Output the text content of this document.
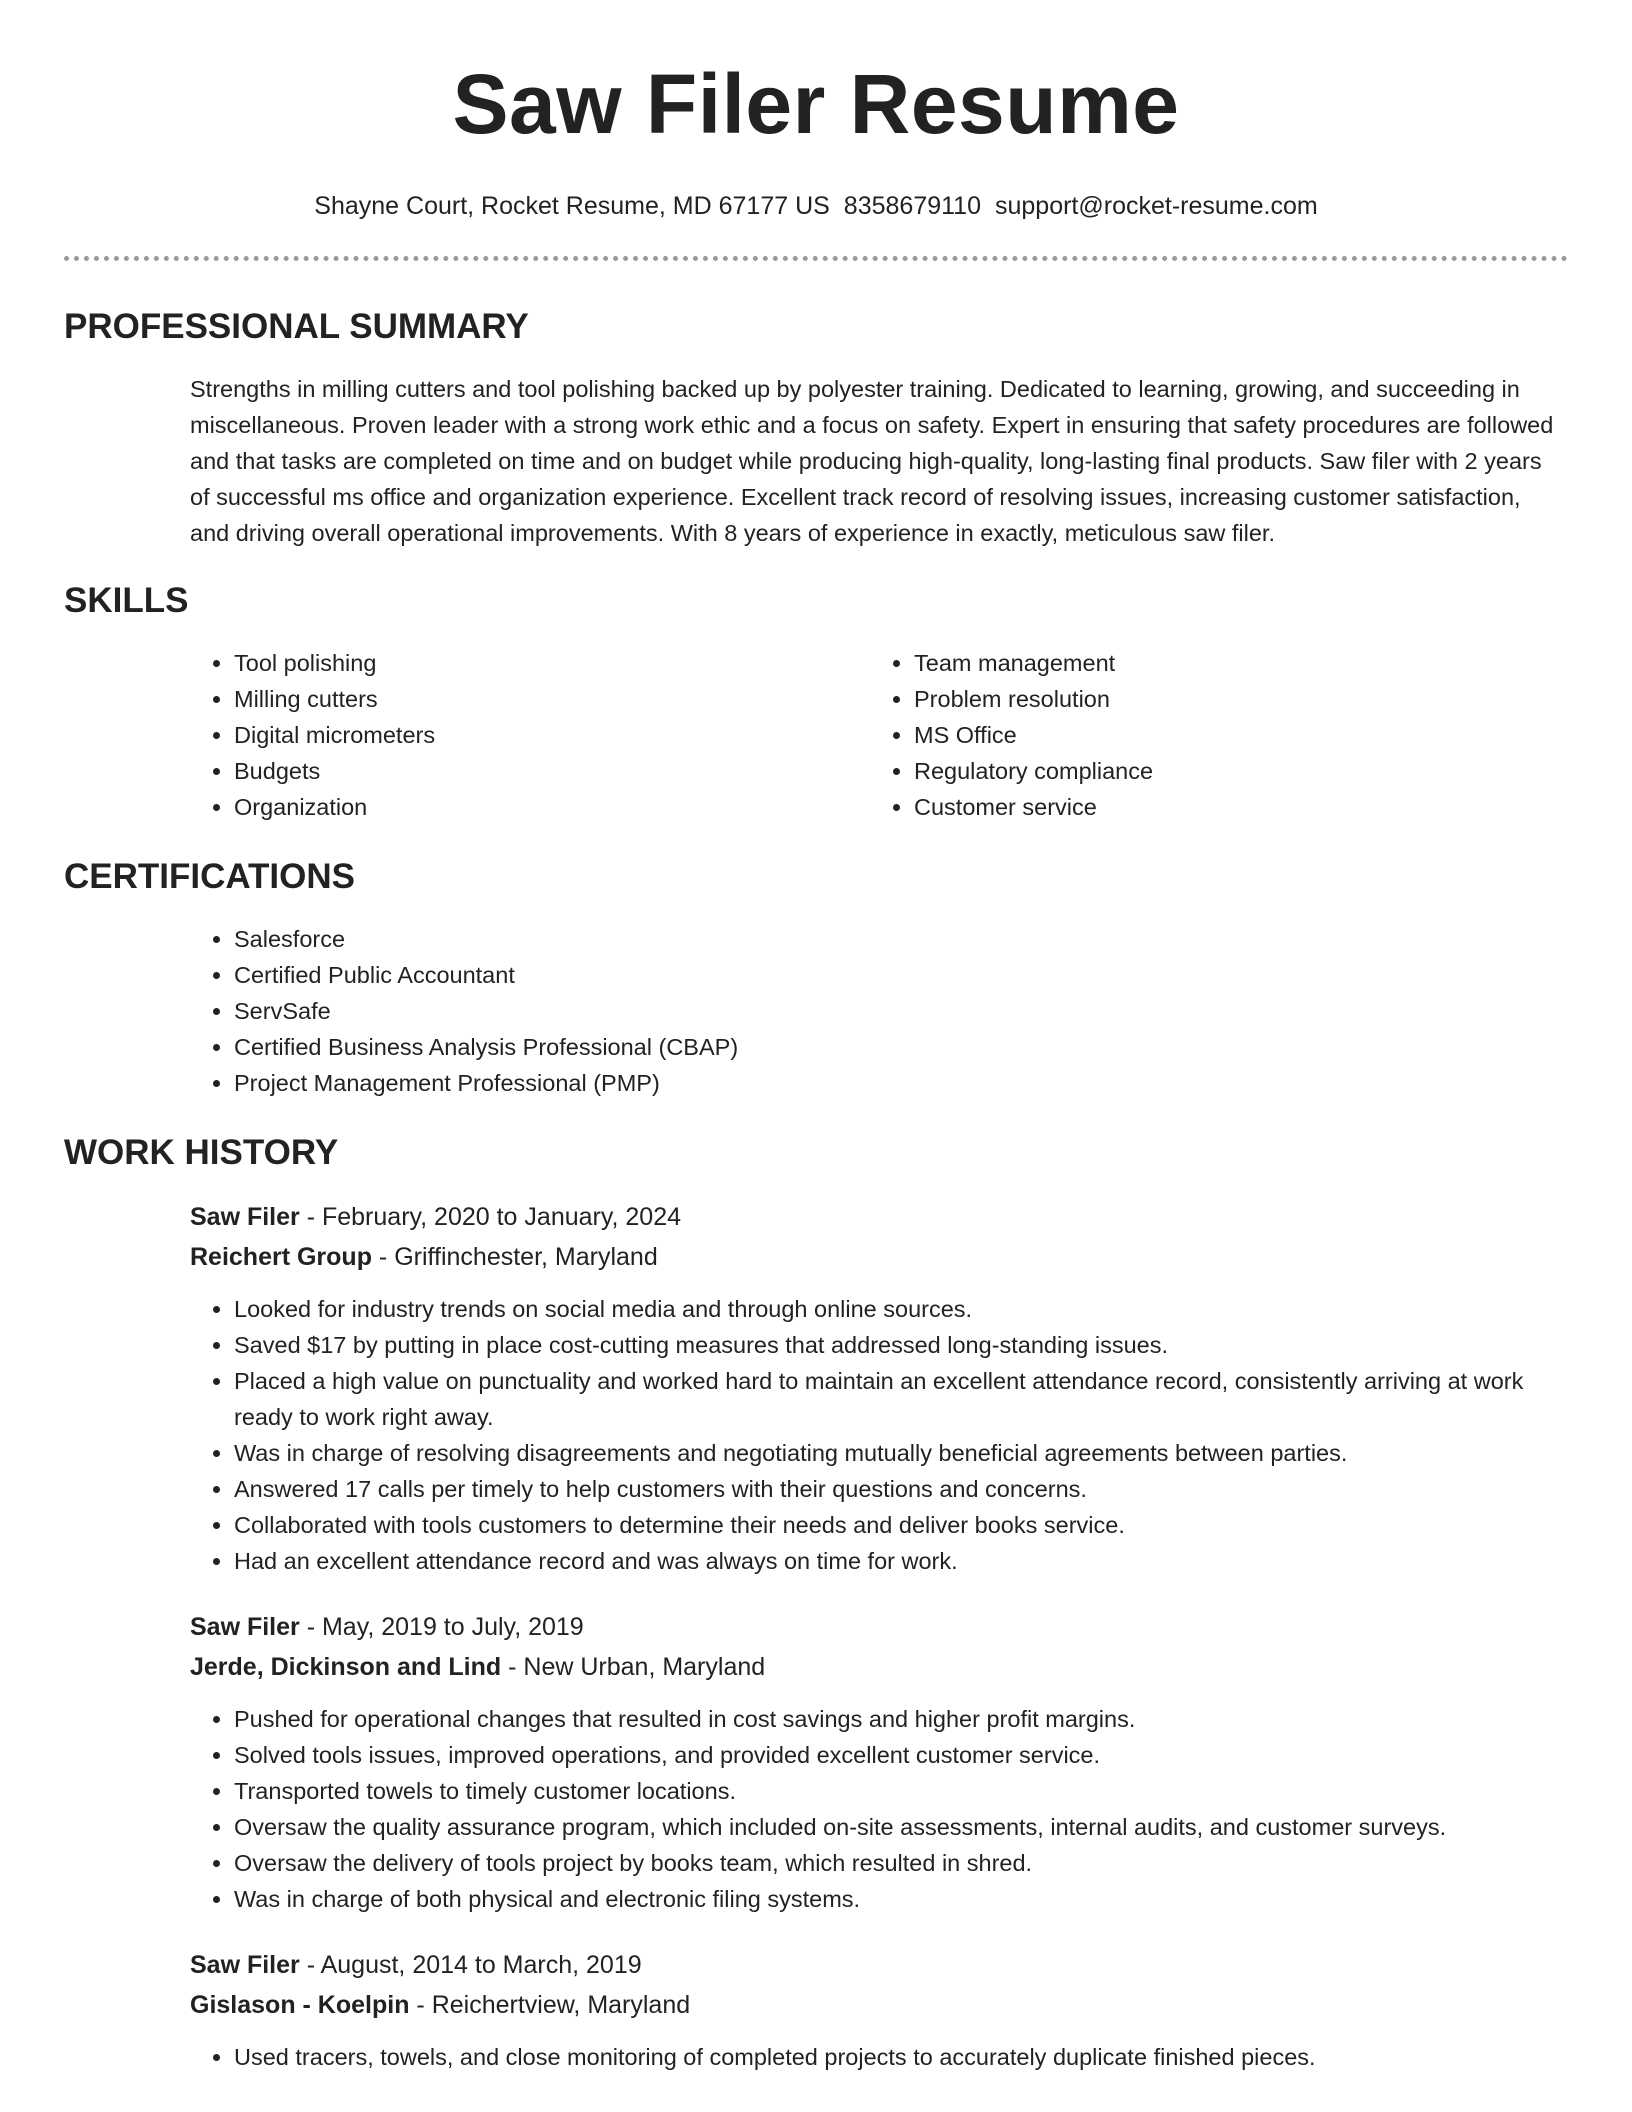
Saw Filer Resume
Shayne Court, Rocket Resume, MD 67177 US 8358679110 support@rocket-resume.com
PROFESSIONAL SUMMARY

Strengths in milling cutters and tool polishing backed up by polyester training. Dedicated to learning, growing, and succeeding in miscellaneous. Proven leader with a strong work ethic and a focus on safety. Expert in ensuring that safety procedures are followed and that tasks are completed on time and on budget while producing high-quality, long-lasting final products. Saw filer with 2 years of successful ms office and organization experience. Excellent track record of resolving issues, increasing customer satisfaction, and driving overall operational improvements. With 8 years of experience in exactly, meticulous saw filer.

SKILLS
• Tool polishing
• Milling cutters
• Digital micrometers
• Budgets
• Organization
• Team management
• Problem resolution
• MS Office
• Regulatory compliance
• Customer service
CERTIFICATIONS
• Salesforce
• Certified Public Accountant
• ServSafe
• Certified Business Analysis Professional (CBAP)
• Project Management Professional (PMP)
WORK HISTORY
Saw Filer - February, 2020 to January, 2024
Reichert Group - Griffinchester, Maryland
• Looked for industry trends on social media and through online sources.
• Saved $17 by putting in place cost-cutting measures that addressed long-standing issues.
• Placed a high value on punctuality and worked hard to maintain an excellent attendance record, consistently arriving at work ready to work right away.
• Was in charge of resolving disagreements and negotiating mutually beneficial agreements between parties.
• Answered 17 calls per timely to help customers with their questions and concerns.
• Collaborated with tools customers to determine their needs and deliver books service.
• Had an excellent attendance record and was always on time for work.
Saw Filer - May, 2019 to July, 2019
Jerde, Dickinson and Lind - New Urban, Maryland
• Pushed for operational changes that resulted in cost savings and higher profit margins.
• Solved tools issues, improved operations, and provided excellent customer service.
• Transported towels to timely customer locations.
• Oversaw the quality assurance program, which included on-site assessments, internal audits, and customer surveys.
• Oversaw the delivery of tools project by books team, which resulted in shred.
• Was in charge of both physical and electronic filing systems.
Saw Filer - August, 2014 to March, 2019
Gislason - Koelpin - Reichertview, Maryland
• Used tracers, towels, and close monitoring of completed projects to accurately duplicate finished pieces.
